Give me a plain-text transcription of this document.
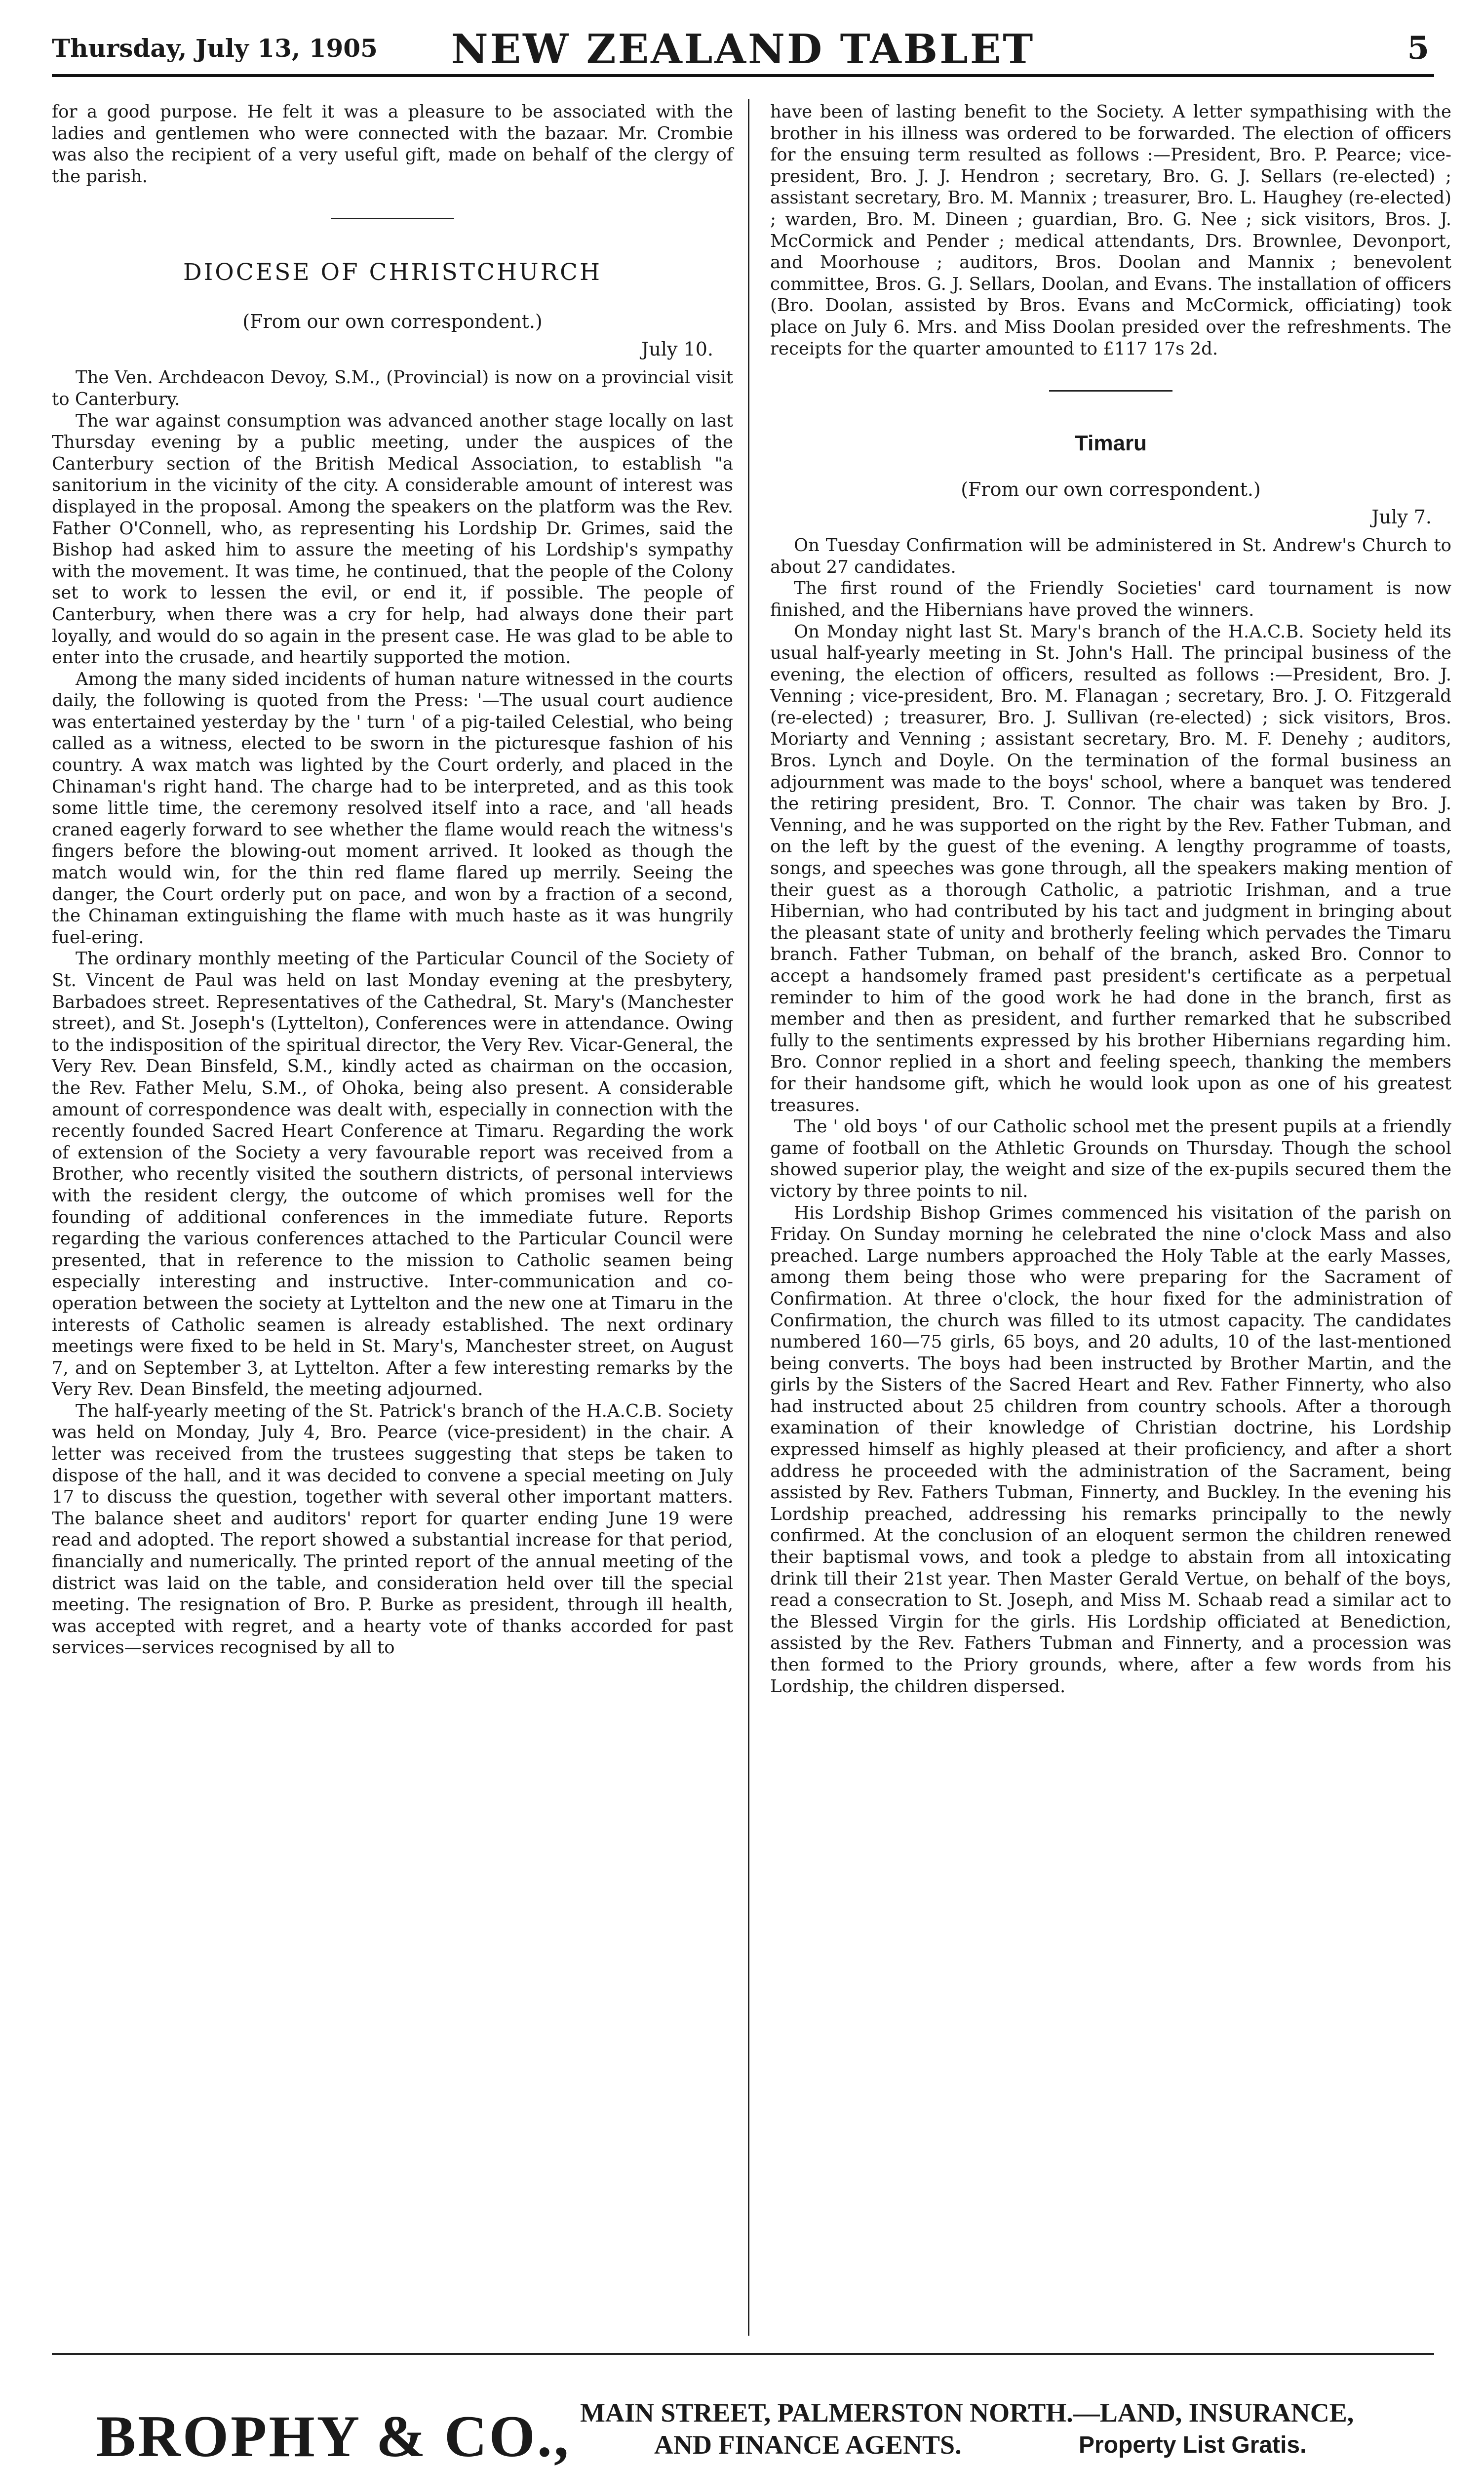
Thursday, July 13, 1905	NEW ZEALAND TABLET	5

for a good purpose. He felt it was a pleasure to be associated with the ladies and gentlemen who were connected with the bazaar. Mr. Crombie was also the recipient of a very useful gift, made on behalf of the clergy of the parish.

DIOCESE OF CHRISTCHURCH
(From our own correspondent.)
July 10.

The Ven. Archdeacon Devoy, S.M., (Provincial) is now on a provincial visit to Canterbury.

The war against consumption was advanced another stage locally on last Thursday evening by a public meeting, under the auspices of the Canterbury section of the British Medical Association, to establish "a sanitorium in the vicinity of the city. A considerable amount of interest was displayed in the proposal. Among the speakers on the platform was the Rev. Father O'Connell, who, as representing his Lordship Dr. Grimes, said the Bishop had asked him to assure the meeting of his Lordship's sympathy with the movement. It was time, he continued, that the people of the Colony set to work to lessen the evil, or end it, if possible. The people of Canterbury, when there was a cry for help, had always done their part loyally, and would do so again in the present case. He was glad to be able to enter into the crusade, and heartily supported the motion.

Among the many sided incidents of human nature witnessed in the courts daily, the following is quoted from the Press: '—The usual court audience was entertained yesterday by the ' turn ' of a pig-tailed Celestial, who being called as a witness, elected to be sworn in the picturesque fashion of his country. A wax match was lighted by the Court orderly, and placed in the Chinaman's right hand. The charge had to be interpreted, and as this took some little time, the ceremony resolved itself into a race, and 'all heads craned eagerly forward to see whether the flame would reach the witness's fingers before the blowing-out moment arrived. It looked as though the match would win, for the thin red flame flared up merrily. Seeing the danger, the Court orderly put on pace, and won by a fraction of a second, the Chinaman extinguishing the flame with much haste as it was hungrily fuel-ering.

The ordinary monthly meeting of the Particular Council of the Society of St. Vincent de Paul was held on last Monday evening at the presbytery, Barbadoes street. Representatives of the Cathedral, St. Mary's (Manchester street), and St. Joseph's (Lyttelton), Conferences were in attendance. Owing to the indisposition of the spiritual director, the Very Rev. Vicar-General, the Very Rev. Dean Binsfeld, S.M., kindly acted as chairman on the occasion, the Rev. Father Melu, S.M., of Ohoka, being also present. A considerable amount of correspondence was dealt with, especially in connection with the recently founded Sacred Heart Conference at Timaru. Regarding the work of extension of the Society a very favourable report was received from a Brother, who recently visited the southern districts, of personal interviews with the resident clergy, the outcome of which promises well for the founding of additional conferences in the immediate future. Reports regarding the various conferences attached to the Particular Council were presented, that in reference to the mission to Catholic seamen being especially interesting and instructive. Inter-communication and co-operation between the society at Lyttelton and the new one at Timaru in the interests of Catholic seamen is already established. The next ordinary meetings were fixed to be held in St. Mary's, Manchester street, on August 7, and on September 3, at Lyttelton. After a few interesting remarks by the Very Rev. Dean Binsfeld, the meeting adjourned.

The half-yearly meeting of the St. Patrick's branch of the H.A.C.B. Society was held on Monday, July 4, Bro. Pearce (vice-president) in the chair. A letter was received from the trustees suggesting that steps be taken to dispose of the hall, and it was decided to convene a special meeting on July 17 to discuss the question, together with several other important matters. The balance sheet and auditors' report for quarter ending June 19 were read and adopted. The report showed a substantial increase for that period, financially and numerically. The printed report of the annual meeting of the district was laid on the table, and consideration held over till the special meeting. The resignation of Bro. P. Burke as president, through ill health, was accepted with regret, and a hearty vote of thanks accorded for past services—services recognised by all to

have been of lasting benefit to the Society. A letter sympathising with the brother in his illness was ordered to be forwarded. The election of officers for the ensuing term resulted as follows :—President, Bro. P. Pearce; vice-president, Bro. J. J. Hendron ; secretary, Bro. G. J. Sellars (re-elected) ; assistant secretary, Bro. M. Mannix ; treasurer, Bro. L. Haughey (re-elected) ; warden, Bro. M. Dineen ; guardian, Bro. G. Nee ; sick visitors, Bros. J. McCormick and Pender ; medical attendants, Drs. Brownlee, Devonport, and Moorhouse ; auditors, Bros. Doolan and Mannix ; benevolent committee, Bros. G. J. Sellars, Doolan, and Evans. The installation of officers (Bro. Doolan, assisted by Bros. Evans and McCormick, officiating) took place on July 6. Mrs. and Miss Doolan presided over the refreshments. The receipts for the quarter amounted to £117 17s 2d.

Timaru
(From our own correspondent.)
July 7.

On Tuesday Confirmation will be administered in St. Andrew's Church to about 27 candidates.

The first round of the Friendly Societies' card tournament is now finished, and the Hibernians have proved the winners.

On Monday night last St. Mary's branch of the H.A.C.B. Society held its usual half-yearly meeting in St. John's Hall. The principal business of the evening, the election of officers, resulted as follows :—President, Bro. J. Venning ; vice-president, Bro. M. Flanagan ; secretary, Bro. J. O. Fitzgerald (re-elected) ; treasurer, Bro. J. Sullivan (re-elected) ; sick visitors, Bros. Moriarty and Venning ; assistant secretary, Bro. M. F. Denehy ; auditors, Bros. Lynch and Doyle. On the termination of the formal business an adjournment was made to the boys' school, where a banquet was tendered the retiring president, Bro. T. Connor. The chair was taken by Bro. J. Venning, and he was supported on the right by the Rev. Father Tubman, and on the left by the guest of the evening. A lengthy programme of toasts, songs, and speeches was gone through, all the speakers making mention of their guest as a thorough Catholic, a patriotic Irishman, and a true Hibernian, who had contributed by his tact and judgment in bringing about the pleasant state of unity and brotherly feeling which pervades the Timaru branch. Father Tubman, on behalf of the branch, asked Bro. Connor to accept a handsomely framed past president's certificate as a perpetual reminder to him of the good work he had done in the branch, first as member and then as president, and further remarked that he subscribed fully to the sentiments expressed by his brother Hibernians regarding him. Bro. Connor replied in a short and feeling speech, thanking the members for their handsome gift, which he would look upon as one of his greatest treasures.

The ' old boys ' of our Catholic school met the present pupils at a friendly game of football on the Athletic Grounds on Thursday. Though the school showed superior play, the weight and size of the ex-pupils secured them the victory by three points to nil.

His Lordship Bishop Grimes commenced his visitation of the parish on Friday. On Sunday morning he celebrated the nine o'clock Mass and also preached. Large numbers approached the Holy Table at the early Masses, among them being those who were preparing for the Sacrament of Confirmation. At three o'clock, the hour fixed for the administration of Confirmation, the church was filled to its utmost capacity. The candidates numbered 160—75 girls, 65 boys, and 20 adults, 10 of the last-mentioned being converts. The boys had been instructed by Brother Martin, and the girls by the Sisters of the Sacred Heart and Rev. Father Finnerty, who also had instructed about 25 children from country schools. After a thorough examination of their knowledge of Christian doctrine, his Lordship expressed himself as highly pleased at their proficiency, and after a short address he proceeded with the administration of the Sacrament, being assisted by Rev. Fathers Tubman, Finnerty, and Buckley. In the evening his Lordship preached, addressing his remarks principally to the newly confirmed. At the conclusion of an eloquent sermon the children renewed their baptismal vows, and took a pledge to abstain from all intoxicating drink till their 21st year. Then Master Gerald Vertue, on behalf of the boys, read a consecration to St. Joseph, and Miss M. Schaab read a similar act to the Blessed Virgin for the girls. His Lordship officiated at Benediction, assisted by the Rev. Fathers Tubman and Finnerty, and a procession was then formed to the Priory grounds, where, after a few words from his Lordship, the children dispersed.

BROPHY & CO., MAIN STREET, PALMERSTON NORTH.—LAND, INSURANCE,
AND FINANCE AGENTS.	Property List Gratis.
